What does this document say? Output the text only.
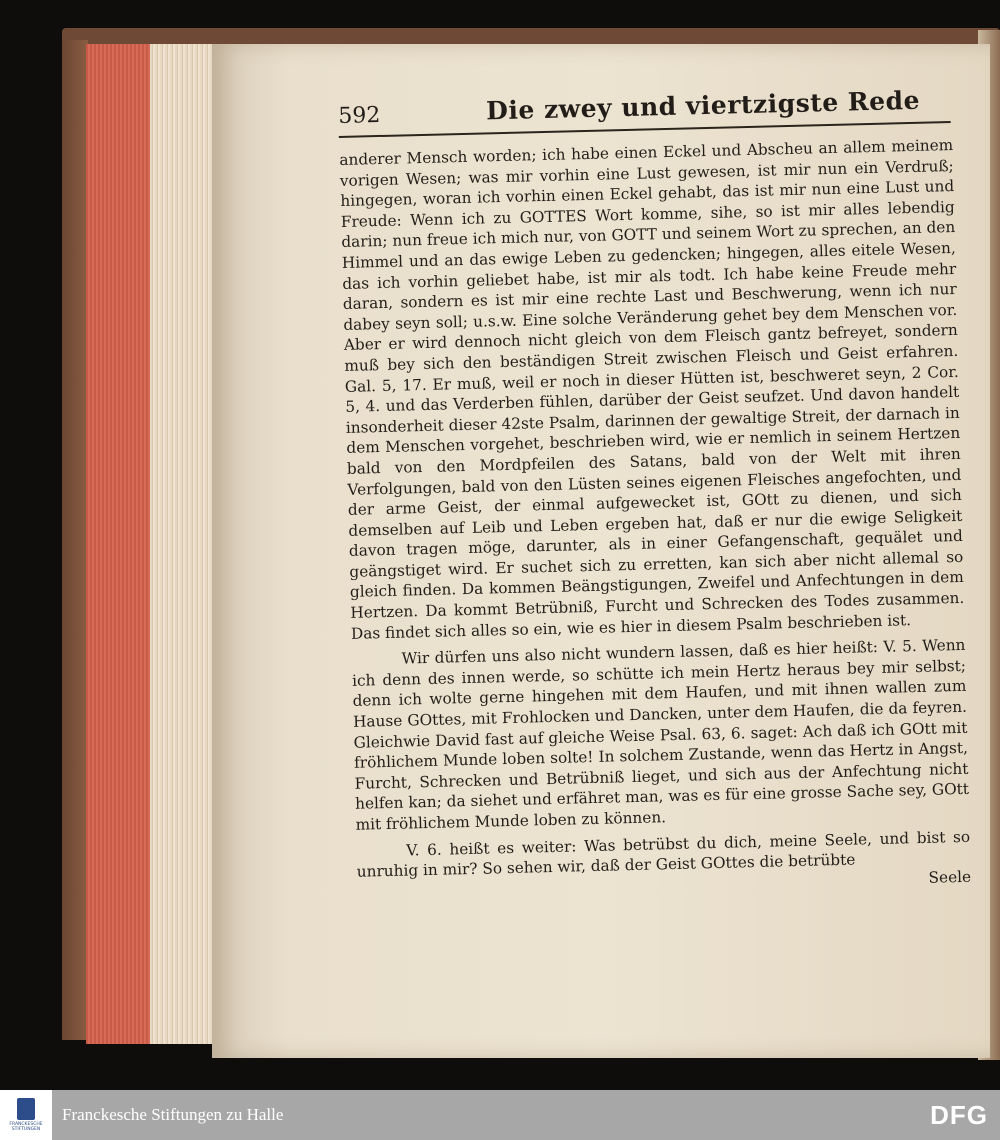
592	Die zwey und viertzigste Rede

anderer Mensch worden; ich habe einen Eckel und Abscheu an allem meinem vorigen Wesen; was mir vorhin eine Lust gewesen, ist mir nun ein Verdruß; hingegen, woran ich vorhin einen Eckel gehabt, das ist mir nun eine Lust und Freude: Wenn ich zu GOTTES Wort komme, sihe, so ist mir alles lebendig darin; nun freue ich mich nur, von GOTT und seinem Wort zu sprechen, an den Himmel und an das ewige Leben zu gedencken; hingegen, alles eitele Wesen, das ich vorhin geliebet habe, ist mir als todt. Ich habe keine Freude mehr daran, sondern es ist mir eine rechte Last und Beschwerung, wenn ich nur dabey seyn soll; u.s.w. Eine solche Veränderung gehet bey dem Menschen vor. Aber er wird dennoch nicht gleich von dem Fleisch gantz befreyet, sondern muß bey sich den beständigen Streit zwischen Fleisch und Geist erfahren. Gal. 5, 17. Er muß, weil er noch in dieser Hütten ist, beschweret seyn, 2 Cor. 5, 4. und das Verderben fühlen, darüber der Geist seufzet. Und davon handelt insonderheit dieser 42ste Psalm, darinnen der gewaltige Streit, der darnach in dem Menschen vorgehet, beschrieben wird, wie er nemlich in seinem Hertzen bald von den Mordpfeilen des Satans, bald von der Welt mit ihren Verfolgungen, bald von den Lüsten seines eigenen Fleisches angefochten, und der arme Geist, der einmal aufgewecket ist, GOtt zu dienen, und sich demselben auf Leib und Leben ergeben hat, daß er nur die ewige Seligkeit davon tragen möge, darunter, als in einer Gefangenschaft, gequälet und geängstiget wird. Er suchet sich zu erretten, kan sich aber nicht allemal so gleich finden. Da kommen Beängstigungen, Zweifel und Anfechtungen in dem Hertzen. Da kommt Betrübniß, Furcht und Schrecken des Todes zusammen. Das findet sich alles so ein, wie es hier in diesem Psalm beschrieben ist.

Wir dürfen uns also nicht wundern lassen, daß es hier heißt: V. 5. Wenn ich denn des innen werde, so schütte ich mein Hertz heraus bey mir selbst; denn ich wolte gerne hingehen mit dem Haufen, und mit ihnen wallen zum Hause GOttes, mit Frohlocken und Dancken, unter dem Haufen, die da feyren. Gleichwie David fast auf gleiche Weise Psal. 63, 6. saget: Ach daß ich GOtt mit fröhlichem Munde loben solte! In solchem Zustande, wenn das Hertz in Angst, Furcht, Schrecken und Betrübniß lieget, und sich aus der Anfechtung nicht helfen kan; da siehet und erfähret man, was es für eine grosse Sache sey, GOtt mit fröhlichem Munde loben zu können.

V. 6. heißt es weiter: Was betrübst du dich, meine Seele, und bist so unruhig in mir? So sehen wir, daß der Geist GOttes die betrübte	Seele
FRANCKESCHE STIFTUNGEN
Franckesche Stiftungen zu Halle	DFG
